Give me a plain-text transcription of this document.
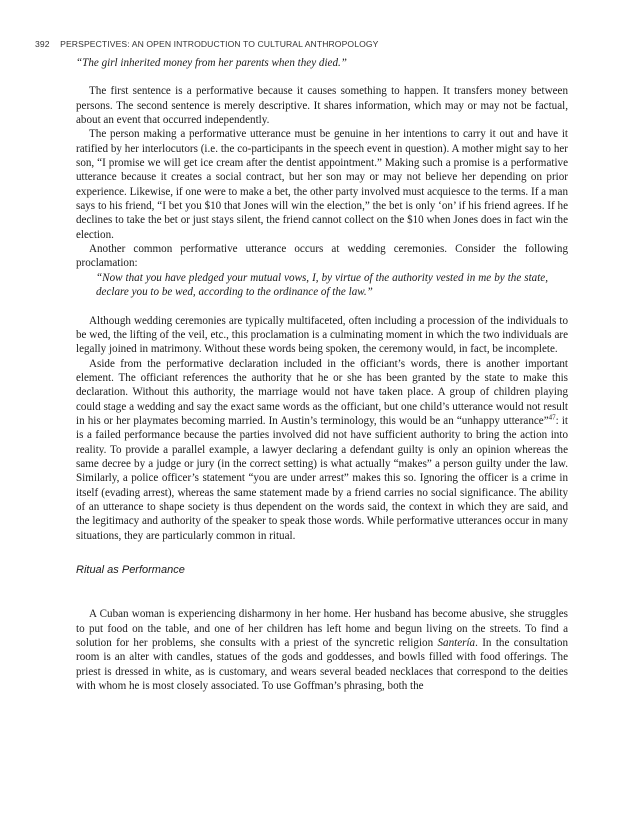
392 PERSPECTIVES: AN OPEN INTRODUCTION TO CULTURAL ANTHROPOLOGY

“The girl inherited money from her parents when they died.”

The first sentence is a performative because it causes something to happen. It transfers money between persons. The second sentence is merely descriptive. It shares information, which may or may not be factual, about an event that occurred independently.

The person making a performative utterance must be genuine in her intentions to carry it out and have it ratified by her interlocutors (i.e. the co-participants in the speech event in question). A mother might say to her son, “I promise we will get ice cream after the dentist appointment.” Making such a promise is a performative utterance because it creates a social contract, but her son may or may not believe her depending on prior experience. Likewise, if one were to make a bet, the other party involved must acquiesce to the terms. If a man says to his friend, “I bet you $10 that Jones will win the election,” the bet is only ‘on’ if his friend agrees. If he declines to take the bet or just stays silent, the friend cannot collect on the $10 when Jones does in fact win the election.

Another common performative utterance occurs at wedding ceremonies. Consider the following proclamation:

“Now that you have pledged your mutual vows, I, by virtue of the authority vested in me by the state, declare you to be wed, according to the ordinance of the law.”

Although wedding ceremonies are typically multifaceted, often including a procession of the individuals to be wed, the lifting of the veil, etc., this proclamation is a culminating moment in which the two individuals are legally joined in matrimony. Without these words being spoken, the ceremony would, in fact, be incomplete.

Aside from the performative declaration included in the officiant’s words, there is another important element. The officiant references the authority that he or she has been granted by the state to make this declaration. Without this authority, the marriage would not have taken place. A group of children playing could stage a wedding and say the exact same words as the officiant, but one child’s utterance would not result in his or her playmates becoming married. In Austin’s terminology, this would be an “unhappy utterance”$^{47}$: it is a failed performance because the parties involved did not have sufficient authority to bring the action into reality. To provide a parallel example, a lawyer declaring a defendant guilty is only an opinion whereas the same decree by a judge or jury (in the correct setting) is what actually “makes” a person guilty under the law. Similarly, a police officer’s statement “you are under arrest” makes this so. Ignoring the officer is a crime in itself (evading arrest), whereas the same statement made by a friend carries no social significance. The ability of an utterance to shape society is thus dependent on the words said, the context in which they are said, and the legitimacy and authority of the speaker to speak those words. While performative utterances occur in many situations, they are particularly common in ritual.

Ritual as Performance

A Cuban woman is experiencing disharmony in her home. Her husband has become abusive, she struggles to put food on the table, and one of her children has left home and begun living on the streets. To find a solution for her problems, she consults with a priest of the syncretic religion Santería. In the consultation room is an alter with candles, statues of the gods and goddesses, and bowls filled with food offerings. The priest is dressed in white, as is customary, and wears several beaded necklaces that correspond to the deities with whom he is most closely associated. To use Goffman’s phrasing, both the
